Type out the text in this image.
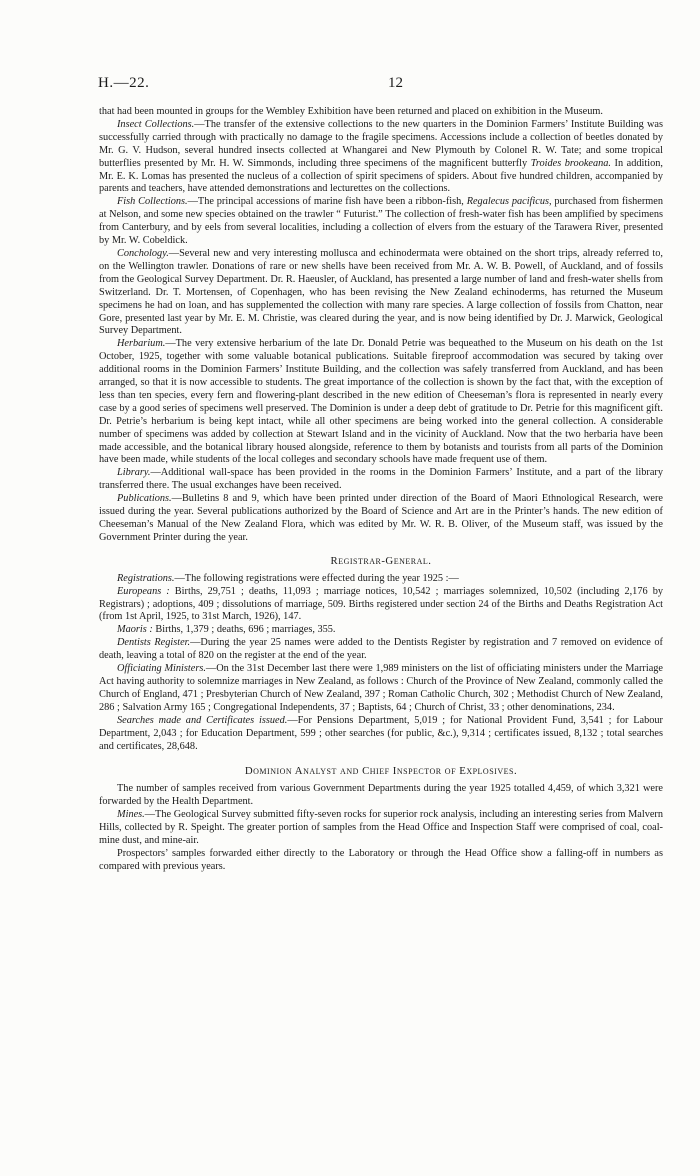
H.—22.	12

that had been mounted in groups for the Wembley Exhibition have been returned and placed on exhibition in the Museum.

Insect Collections.—The transfer of the extensive collections to the new quarters in the Dominion Farmers’ Institute Building was successfully carried through with practically no damage to the fragile specimens. Accessions include a collection of beetles donated by Mr. G. V. Hudson, several hundred insects collected at Whangarei and New Plymouth by Colonel R. W. Tate; and some tropical butterflies presented by Mr. H. W. Simmonds, including three specimens of the magnificent butterfly Troides brookeana. In addition, Mr. E. K. Lomas has presented the nucleus of a collection of spirit specimens of spiders. About five hundred children, accompanied by parents and teachers, have attended demonstrations and lecturettes on the collections.

Fish Collections.—The principal accessions of marine fish have been a ribbon-fish, Regalecus pacificus, purchased from fishermen at Nelson, and some new species obtained on the trawler “ Futurist.” The collection of fresh-water fish has been amplified by specimens from Canterbury, and by eels from several localities, including a collection of elvers from the estuary of the Tarawera River, presented by Mr. W. Cobeldick.

Conchology.—Several new and very interesting mollusca and echinodermata were obtained on the short trips, already referred to, on the Wellington trawler. Donations of rare or new shells have been received from Mr. A. W. B. Powell, of Auckland, and of fossils from the Geological Survey Department. Dr. R. Haeusler, of Auckland, has presented a large number of land and fresh-water shells from Switzerland. Dr. T. Mortensen, of Copenhagen, who has been revising the New Zealand echinoderms, has returned the Museum specimens he had on loan, and has supplemented the collection with many rare species. A large collection of fossils from Chatton, near Gore, presented last year by Mr. E. M. Christie, was cleared during the year, and is now being identified by Dr. J. Marwick, Geological Survey Department.

Herbarium.—The very extensive herbarium of the late Dr. Donald Petrie was bequeathed to the Museum on his death on the 1st October, 1925, together with some valuable botanical publications. Suitable fireproof accommodation was secured by taking over additional rooms in the Dominion Farmers’ Institute Building, and the collection was safely transferred from Auckland, and has been arranged, so that it is now accessible to students. The great importance of the collection is shown by the fact that, with the exception of less than ten species, every fern and flowering-plant described in the new edition of Cheeseman’s flora is represented in nearly every case by a good series of specimens well preserved. The Dominion is under a deep debt of gratitude to Dr. Petrie for this magnificent gift. Dr. Petrie’s herbarium is being kept intact, while all other specimens are being worked into the general collection. A considerable number of specimens was added by collection at Stewart Island and in the vicinity of Auckland. Now that the two herbaria have been made accessible, and the botanical library housed alongside, reference to them by botanists and tourists from all parts of the Dominion have been made, while students of the local colleges and secondary schools have made frequent use of them.

Library.—Additional wall-space has been provided in the rooms in the Dominion Farmers’ Institute, and a part of the library transferred there. The usual exchanges have been received.

Publications.—Bulletins 8 and 9, which have been printed under direction of the Board of Maori Ethnological Research, were issued during the year. Several publications authorized by the Board of Science and Art are in the Printer’s hands. The new edition of Cheeseman’s Manual of the New Zealand Flora, which was edited by Mr. W. R. B. Oliver, of the Museum staff, was issued by the Government Printer during the year.

Registrar-General.

Registrations.—The following registrations were effected during the year 1925 :—

Europeans : Births, 29,751 ; deaths, 11,093 ; marriage notices, 10,542 ; marriages solemnized, 10,502 (including 2,176 by Registrars) ; adoptions, 409 ; dissolutions of marriage, 509. Births registered under section 24 of the Births and Deaths Registration Act (from 1st April, 1925, to 31st March, 1926), 147.

Maoris : Births, 1,379 ; deaths, 696 ; marriages, 355.

Dentists Register.—During the year 25 names were added to the Dentists Register by registration and 7 removed on evidence of death, leaving a total of 820 on the register at the end of the year.

Officiating Ministers.—On the 31st December last there were 1,989 ministers on the list of officiating ministers under the Marriage Act having authority to solemnize marriages in New Zealand, as follows : Church of the Province of New Zealand, commonly called the Church of England, 471 ; Presbyterian Church of New Zealand, 397 ; Roman Catholic Church, 302 ; Methodist Church of New Zealand, 286 ; Salvation Army 165 ; Congregational Independents, 37 ; Baptists, 64 ; Church of Christ, 33 ; other denominations, 234.

Searches made and Certificates issued.—For Pensions Department, 5,019 ; for National Provident Fund, 3,541 ; for Labour Department, 2,043 ; for Education Department, 599 ; other searches (for public, &c.), 9,314 ; certificates issued, 8,132 ; total searches and certificates, 28,648.

Dominion Analyst and Chief Inspector of Explosives.

The number of samples received from various Government Departments during the year 1925 totalled 4,459, of which 3,321 were forwarded by the Health Department.

Mines.—The Geological Survey submitted fifty-seven rocks for superior rock analysis, including an interesting series from Malvern Hills, collected by R. Speight. The greater portion of samples from the Head Office and Inspection Staff were comprised of coal, coal-mine dust, and mine-air.

Prospectors’ samples forwarded either directly to the Laboratory or through the Head Office show a falling-off in numbers as compared with previous years.
